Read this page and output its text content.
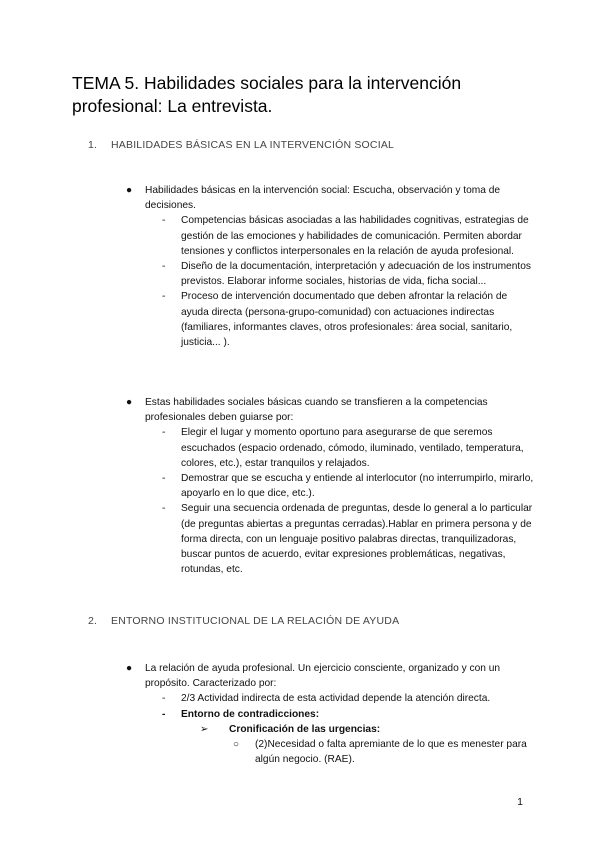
TEMA 5. Habilidades sociales para la intervención profesional: La entrevista.
1. HABILIDADES BÁSICAS EN LA INTERVENCIÓN SOCIAL
● Habilidades básicas en la intervención social: Escucha, observación y toma de decisiones.
- Competencias básicas asociadas a las habilidades cognitivas, estrategias de gestión de las emociones y habilidades de comunicación. Permiten abordar tensiones y conflictos interpersonales en la relación de ayuda profesional.
- Diseño de la documentación, interpretación y adecuación de los instrumentos previstos. Elaborar informe sociales, historias de vida, ficha social...
- Proceso de intervención documentado que deben afrontar la relación de ayuda directa (persona-grupo-comunidad) con actuaciones indirectas (familiares, informantes claves, otros profesionales: área social, sanitario, justicia... ).
● Estas habilidades sociales básicas cuando se transfieren a la competencias profesionales deben guiarse por:
- Elegir el lugar y momento oportuno para asegurarse de que seremos escuchados (espacio ordenado, cómodo, iluminado, ventilado, temperatura, colores, etc.), estar tranquilos y relajados.
- Demostrar que se escucha y entiende al interlocutor (no interrumpirlo, mirarlo, apoyarlo en lo que dice, etc.).
- Seguir una secuencia ordenada de preguntas, desde lo general a lo particular (de preguntas abiertas a preguntas cerradas).Hablar en primera persona y de forma directa, con un lenguaje positivo palabras directas, tranquilizadoras, buscar puntos de acuerdo, evitar expresiones problemáticas, negativas, rotundas, etc.
2. ENTORNO INSTITUCIONAL DE LA RELACIÓN DE AYUDA
● La relación de ayuda profesional. Un ejercicio consciente, organizado y con un propósito. Caracterizado por:
- 2/3 Actividad indirecta de esta actividad depende la atención directa.
- Entorno de contradicciones:
➢ Cronificación de las urgencias:
○ (2)Necesidad o falta apremiante de lo que es menester para algún negocio. (RAE).
1
